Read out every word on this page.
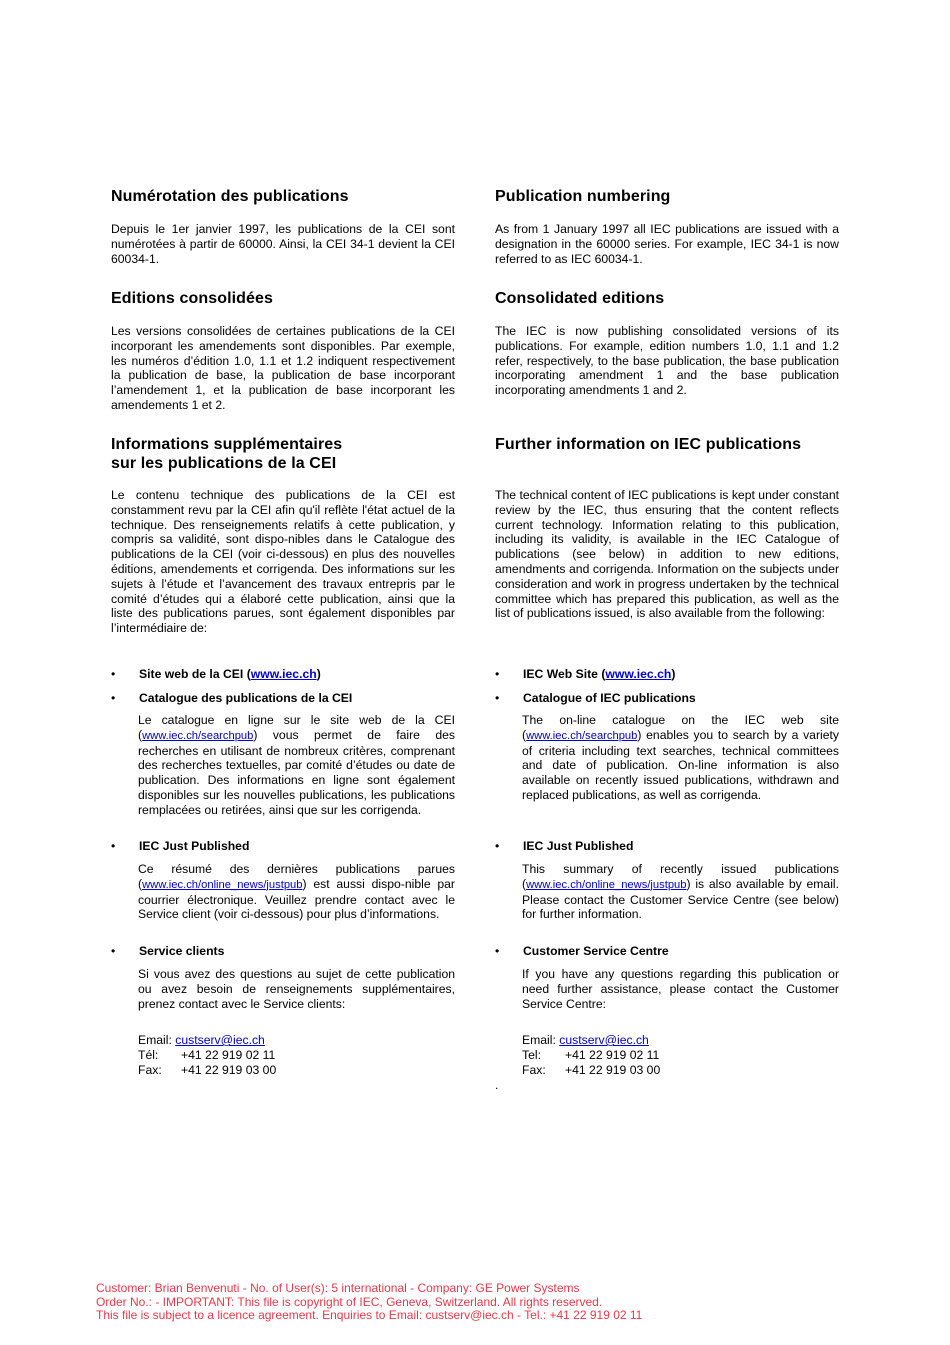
Numérotation des publications
Depuis le 1er janvier 1997, les publications de la CEI sont numérotées à partir de 60000. Ainsi, la CEI 34-1 devient la CEI 60034-1.
Editions consolidées
Les versions consolidées de certaines publications de la CEI incorporant les amendements sont disponibles. Par exemple, les numéros d’édition 1.0, 1.1 et 1.2 indiquent respectivement la publication de base, la publication de base incorporant l’amendement 1, et la publication de base incorporant les amendements 1 et 2.
Informations supplémentaires
sur les publications de la CEI
Le contenu technique des publications de la CEI est constamment revu par la CEI afin qu'il reflète l'état actuel de la technique. Des renseignements relatifs à cette publication, y compris sa validité, sont dispo-nibles dans le Catalogue des publications de la CEI (voir ci-dessous) en plus des nouvelles éditions, amendements et corrigenda. Des informations sur les sujets à l’étude et l’avancement des travaux entrepris par le comité d’études qui a élaboré cette publication, ainsi que la liste des publications parues, sont également disponibles par l’intermédiaire de:
• Site web de la CEI (www.iec.ch)
• Catalogue des publications de la CEI
Le catalogue en ligne sur le site web de la CEI (www.iec.ch/searchpub) vous permet de faire des recherches en utilisant de nombreux critères, comprenant des recherches textuelles, par comité d’études ou date de publication. Des informations en ligne sont également disponibles sur les nouvelles publications, les publications remplacées ou retirées, ainsi que sur les corrigenda.
• IEC Just Published
Ce résumé des dernières publications parues (www.iec.ch/online_news/justpub) est aussi dispo-nible par courrier électronique. Veuillez prendre contact avec le Service client (voir ci-dessous) pour plus d’informations.
• Service clients
Si vous avez des questions au sujet de cette publication ou avez besoin de renseignements supplémentaires, prenez contact avec le Service clients:
Email: custserv@iec.ch
Tél: +41 22 919 02 11
Fax: +41 22 919 03 00
Publication numbering
As from 1 January 1997 all IEC publications are issued with a designation in the 60000 series. For example, IEC 34-1 is now referred to as IEC 60034-1.
Consolidated editions
The IEC is now publishing consolidated versions of its publications. For example, edition numbers 1.0, 1.1 and 1.2 refer, respectively, to the base publication, the base publication incorporating amendment 1 and the base publication incorporating amendments 1 and 2.
Further information on IEC publications
The technical content of IEC publications is kept under constant review by the IEC, thus ensuring that the content reflects current technology. Information relating to this publication, including its validity, is available in the IEC Catalogue of publications (see below) in addition to new editions, amendments and corrigenda. Information on the subjects under consideration and work in progress undertaken by the technical committee which has prepared this publication, as well as the list of publications issued, is also available from the following:
• IEC Web Site (www.iec.ch)
• Catalogue of IEC publications
The on-line catalogue on the IEC web site (www.iec.ch/searchpub) enables you to search by a variety of criteria including text searches, technical committees and date of publication. On-line information is also available on recently issued publications, withdrawn and replaced publications, as well as corrigenda.
• IEC Just Published
This summary of recently issued publications (www.iec.ch/online_news/justpub) is also available by email. Please contact the Customer Service Centre (see below) for further information.
• Customer Service Centre
If you have any questions regarding this publication or need further assistance, please contact the Customer Service Centre:
Email: custserv@iec.ch
Tel: +41 22 919 02 11
Fax: +41 22 919 03 00
.
Customer: Brian Benvenuti - No. of User(s): 5 international - Company: GE Power Systems
Order No.: - IMPORTANT: This file is copyright of IEC, Geneva, Switzerland. All rights reserved.
This file is subject to a licence agreement. Enquiries to Email: custserv@iec.ch - Tel.: +41 22 919 02 11
